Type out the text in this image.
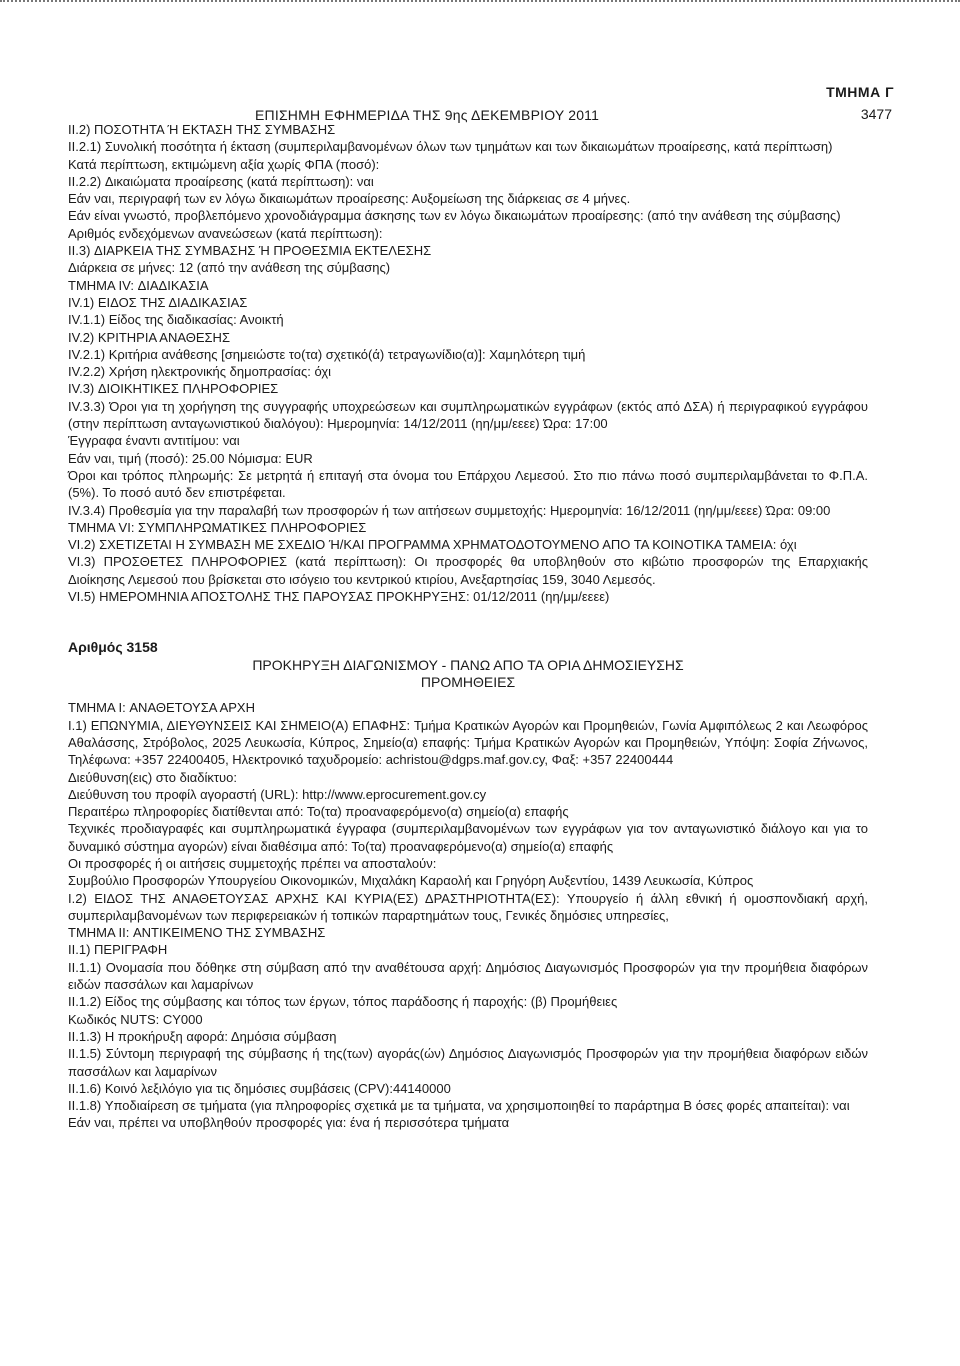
ΤΜΗΜΑ Γ
ΕΠΙΣΗΜΗ ΕΦΗΜΕΡΙΔΑ ΤΗΣ 9ης ΔΕΚΕΜΒΡΙΟΥ 2011	3477

II.2) ΠΟΣΟΤΗΤΑ Ή ΕΚΤΑΣΗ ΤΗΣ ΣΥΜΒΑΣΗΣ

II.2.1) Συνολική ποσότητα ή έκταση (συμπεριλαμβανομένων όλων των τμημάτων και των δικαιωμάτων προαίρεσης, κατά περίπτωση)

Κατά περίπτωση, εκτιμώμενη αξία χωρίς ΦΠΑ (ποσό):

II.2.2) Δικαιώματα προαίρεσης (κατά περίπτωση): ναι

Εάν ναι, περιγραφή των εν λόγω δικαιωμάτων προαίρεσης: Αυξομείωση της διάρκειας σε 4 μήνες.

Εάν είναι γνωστό, προβλεπόμενο χρονοδιάγραμμα άσκησης των εν λόγω δικαιωμάτων προαίρεσης: (από την ανάθεση της σύμβασης)

Αριθμός ενδεχόμενων ανανεώσεων (κατά περίπτωση):

II.3) ΔΙΑΡΚΕΙΑ ΤΗΣ ΣΥΜΒΑΣΗΣ Ή ΠΡΟΘΕΣΜΙΑ ΕΚΤΕΛΕΣΗΣ

Διάρκεια σε μήνες: 12 (από την ανάθεση της σύμβασης)

ΤΜΗΜΑ IV: ΔΙΑΔΙΚΑΣΙΑ

IV.1) ΕΙΔΟΣ ΤΗΣ ΔΙΑΔΙΚΑΣΙΑΣ

IV.1.1) Είδος της διαδικασίας: Ανοικτή

IV.2) ΚΡΙΤΗΡΙΑ ΑΝΑΘΕΣΗΣ

IV.2.1) Κριτήρια ανάθεσης [σημειώστε το(τα) σχετικό(ά) τετραγωνίδιο(α)]: Χαμηλότερη τιμή

IV.2.2) Χρήση ηλεκτρονικής δημοπρασίας: όχι

IV.3) ΔΙΟΙΚΗΤΙΚΕΣ ΠΛΗΡΟΦΟΡΙΕΣ

IV.3.3) Όροι για τη χορήγηση της συγγραφής υποχρεώσεων και συμπληρωματικών εγγράφων (εκτός από ΔΣΑ) ή περιγραφικού εγγράφου (στην περίπτωση ανταγωνιστικού διαλόγου): Ημερομηνία: 14/12/2011 (ηη/μμ/εεεε) Ώρα: 17:00

Έγγραφα έναντι αντιτίμου: ναι

Εάν ναι, τιμή (ποσό): 25.00 Νόμισμα: EUR

Όροι και τρόπος πληρωμής: Σε μετρητά ή επιταγή στα όνομα του Επάρχου Λεμεσού. Στο πιο πάνω ποσό συμπεριλαμβάνεται το Φ.Π.Α. (5%). Το ποσό αυτό δεν επιστρέφεται.

IV.3.4) Προθεσμία για την παραλαβή των προσφορών ή των αιτήσεων συμμετοχής: Ημερομηνία: 16/12/2011 (ηη/μμ/εεεε) Ώρα: 09:00

ΤΜΗΜΑ VI: ΣΥΜΠΛΗΡΩΜΑΤΙΚΕΣ ΠΛΗΡΟΦΟΡΙΕΣ

VI.2) ΣΧΕΤΙΖΕΤΑΙ Η ΣΥΜΒΑΣΗ ΜΕ ΣΧΕΔΙΟ Ή/ΚΑΙ ΠΡΟΓΡΑΜΜΑ ΧΡΗΜΑΤΟΔΟΤΟΥΜΕΝΟ ΑΠΟ ΤΑ ΚΟΙΝΟΤΙΚΑ ΤΑΜΕΙΑ: όχι

VI.3) ΠΡΟΣΘΕΤΕΣ ΠΛΗΡΟΦΟΡΙΕΣ (κατά περίπτωση): Οι προσφορές θα υποβληθούν στο κιβώτιο προσφορών της Επαρχιακής Διοίκησης Λεμεσού που βρίσκεται στο ισόγειο του κεντρικού κτιρίου, Ανεξαρτησίας 159, 3040 Λεμεσός.

VI.5) ΗΜΕΡΟΜΗΝΙΑ ΑΠΟΣΤΟΛΗΣ ΤΗΣ ΠΑΡΟΥΣΑΣ ΠΡΟΚΗΡΥΞΗΣ: 01/12/2011 (ηη/μμ/εεεε)

Αριθμός 3158
ΠΡΟΚΗΡΥΞΗ ΔΙΑΓΩΝΙΣΜΟΥ - ΠΑΝΩ ΑΠΟ ΤΑ ΟΡΙΑ ΔΗΜΟΣΙΕΥΣΗΣ
ΠΡΟΜΗΘΕΙΕΣ

ΤΜΗΜΑ I: ΑΝΑΘΕΤΟΥΣΑ ΑΡΧΗ

I.1) ΕΠΩΝΥΜΙΑ, ΔΙΕΥΘΥΝΣΕΙΣ ΚΑΙ ΣΗΜΕΙΟ(Α) ΕΠΑΦΗΣ: Τμήμα Κρατικών Αγορών και Προμηθειών, Γωνία Αμφιπόλεως 2 και Λεωφόρος Αθαλάσσης, Στρόβολος, 2025 Λευκωσία, Κύπρος, Σημείο(α) επαφής: Τμήμα Κρατικών Αγορών και Προμηθειών, Υπόψη: Σοφία Ζήνωνος, Τηλέφωνα: +357 22400405, Ηλεκτρονικό ταχυδρομείο: achristou@dgps.maf.gov.cy, Φαξ: +357 22400444

Διεύθυνση(εις) στο διαδίκτυο:

Διεύθυνση του προφίλ αγοραστή (URL): http://www.eprocurement.gov.cy

Περαιτέρω πληροφορίες διατίθενται από: Το(τα) προαναφερόμενο(α) σημείο(α) επαφής

Τεχνικές προδιαγραφές και συμπληρωματικά έγγραφα (συμπεριλαμβανομένων των εγγράφων για τον ανταγωνιστικό διάλογο και για το δυναμικό σύστημα αγορών) είναι διαθέσιμα από: Το(τα) προαναφερόμενο(α) σημείο(α) επαφής

Οι προσφορές ή οι αιτήσεις συμμετοχής πρέπει να αποσταλούν:

Συμβούλιο Προσφορών Υπουργείου Οικονομικών, Μιχαλάκη Καραολή και Γρηγόρη Αυξεντίου, 1439 Λευκωσία, Κύπρος

I.2) ΕΙΔΟΣ ΤΗΣ ΑΝΑΘΕΤΟΥΣΑΣ ΑΡΧΗΣ ΚΑΙ ΚΥΡΙΑ(ΕΣ) ΔΡΑΣΤΗΡΙΟΤΗΤΑ(ΕΣ): Υπουργείο ή άλλη εθνική ή ομοσπονδιακή αρχή, συμπεριλαμβανομένων των περιφερειακών ή τοπικών παραρτημάτων τους, Γενικές δημόσιες υπηρεσίες,

ΤΜΗΜΑ II: ΑΝΤΙΚΕΙΜΕΝΟ ΤΗΣ ΣΥΜΒΑΣΗΣ

II.1) ΠΕΡΙΓΡΑΦΗ

II.1.1) Ονομασία που δόθηκε στη σύμβαση από την αναθέτουσα αρχή: Δημόσιος Διαγωνισμός Προσφορών για την προμήθεια διαφόρων ειδών πασσάλων και λαμαρίνων

II.1.2) Είδος της σύμβασης και τόπος των έργων, τόπος παράδοσης ή παροχής: (β) Προμήθειες

Κωδικός NUTS: CY000

II.1.3) Η προκήρυξη αφορά: Δημόσια σύμβαση

II.1.5) Σύντομη περιγραφή της σύμβασης ή της(των) αγοράς(ών) Δημόσιος Διαγωνισμός Προσφορών για την προμήθεια διαφόρων ειδών πασσάλων και λαμαρίνων

II.1.6) Κοινό λεξιλόγιο για τις δημόσιες συμβάσεις (CPV):44140000

II.1.8) Υποδιαίρεση σε τμήματα (για πληροφορίες σχετικά με τα τμήματα, να χρησιμοποιηθεί το παράρτημα Β όσες φορές απαιτείται): ναι

Εάν ναι, πρέπει να υποβληθούν προσφορές για: ένα ή περισσότερα τμήματα
